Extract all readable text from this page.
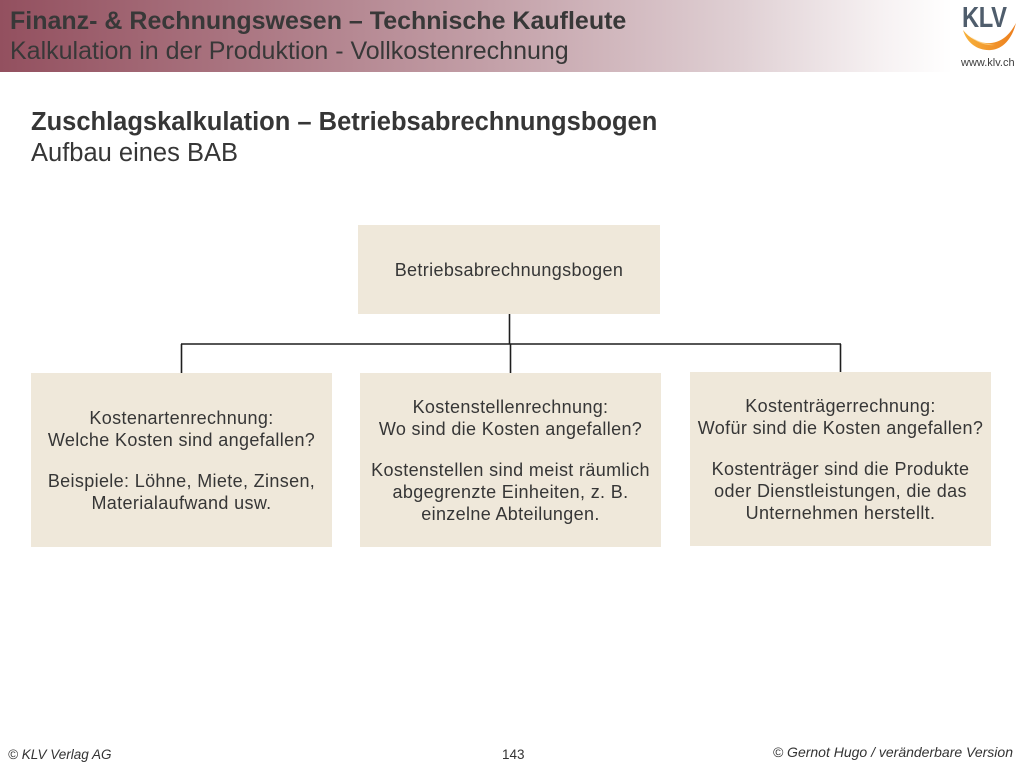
Finanz- & Rechnungswesen – Technische Kaufleute
Kalkulation in der Produktion - Vollkostenrechnung
KLV
www.klv.ch
Zuschlagskalkulation – Betriebsabrechnungsbogen
Aufbau eines BAB
Betriebsabrechnungsbogen
Kostenartenrechnung:
Welche Kosten sind angefallen?
Beispiele: Löhne, Miete, Zinsen,
Materialaufwand usw.
Kostenstellenrechnung:
Wo sind die Kosten angefallen?
Kostenstellen sind meist räumlich
abgegrenzte Einheiten, z. B.
einzelne Abteilungen.
Kostenträgerrechnung:
Wofür sind die Kosten angefallen?
Kostenträger sind die Produkte
oder Dienstleistungen, die das
Unternehmen herstellt.
© KLV Verlag AG	143	© Gernot Hugo / veränderbare Version
